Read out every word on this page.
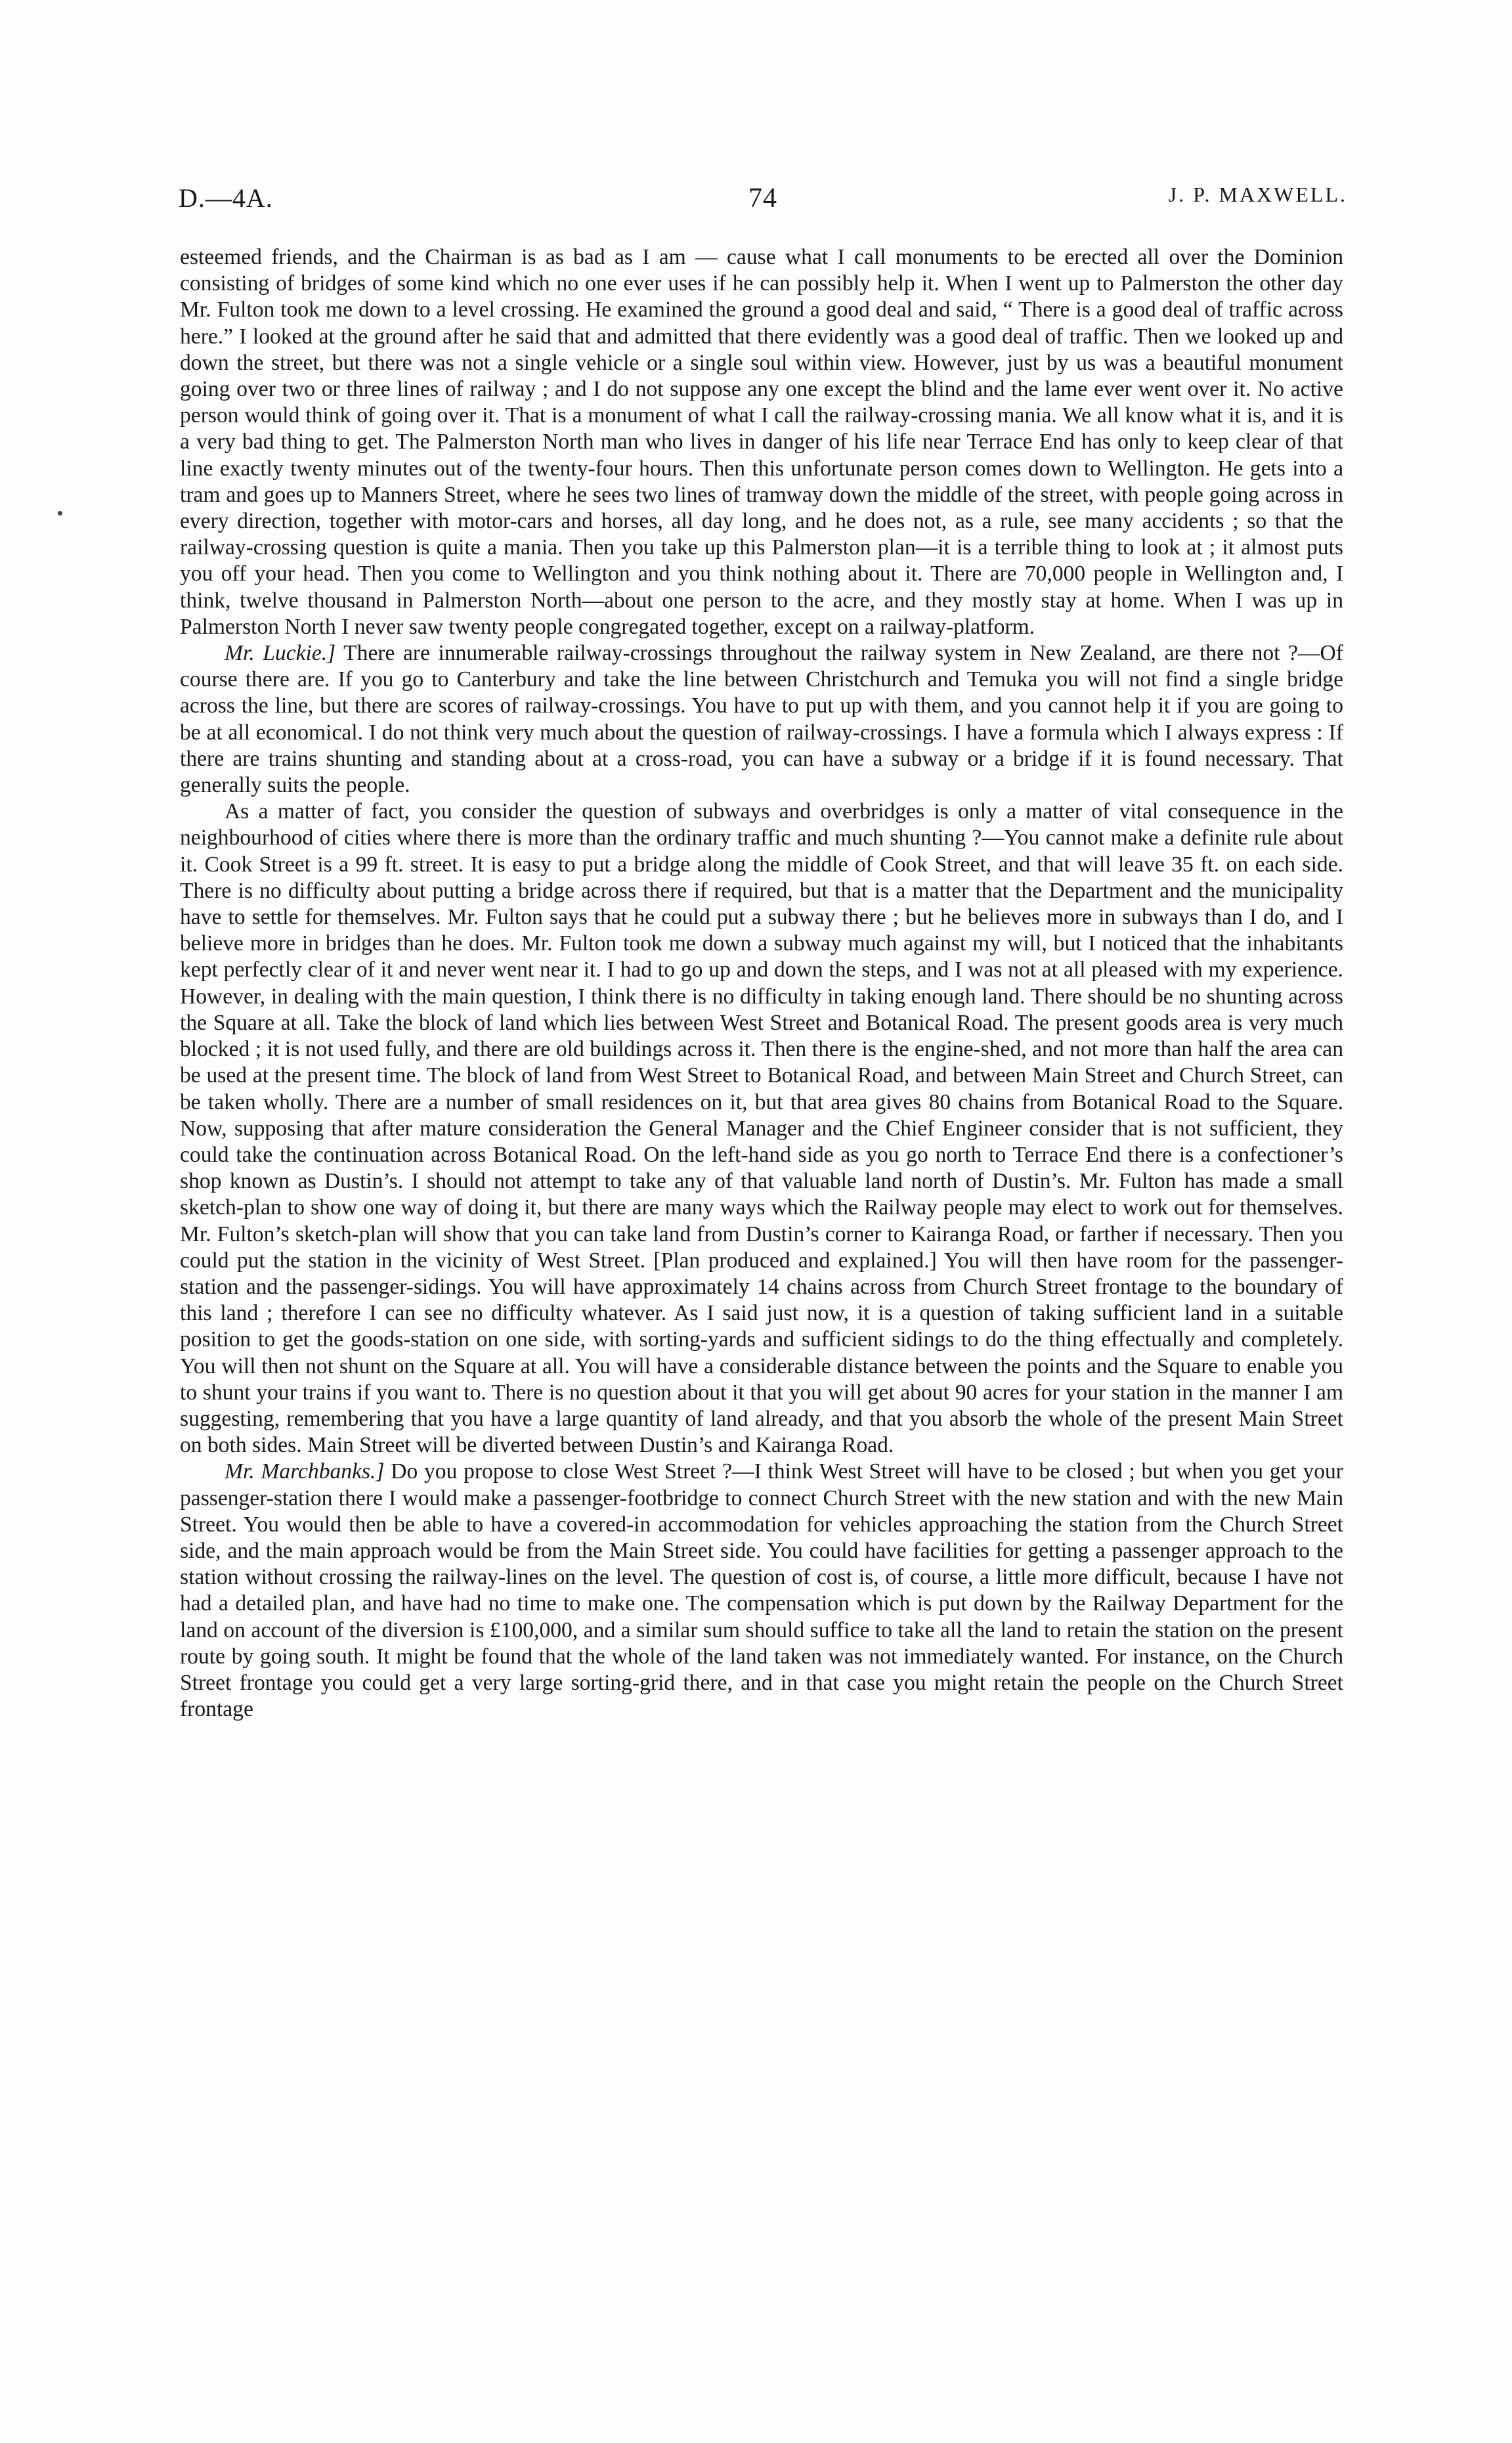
D.—4A.	74	J. P. MAXWELL.

esteemed friends, and the Chairman is as bad as I am — cause what I call monuments to be erected all over the Dominion consisting of bridges of some kind which no one ever uses if he can possibly help it. When I went up to Palmerston the other day Mr. Fulton took me down to a level crossing. He examined the ground a good deal and said, “ There is a good deal of traffic across here.” I looked at the ground after he said that and admitted that there evidently was a good deal of traffic. Then we looked up and down the street, but there was not a single vehicle or a single soul within view. However, just by us was a beautiful monument going over two or three lines of railway ; and I do not suppose any one except the blind and the lame ever went over it. No active person would think of going over it. That is a monument of what I call the railway-crossing mania. We all know what it is, and it is a very bad thing to get. The Palmerston North man who lives in danger of his life near Terrace End has only to keep clear of that line exactly twenty minutes out of the twenty-four hours. Then this unfortunate person comes down to Wellington. He gets into a tram and goes up to Manners Street, where he sees two lines of tramway down the middle of the street, with people going across in every direction, together with motor-cars and horses, all day long, and he does not, as a rule, see many accidents ; so that the railway-crossing question is quite a mania. Then you take up this Palmerston plan—it is a terrible thing to look at ; it almost puts you off your head. Then you come to Wellington and you think nothing about it. There are 70,000 people in Wellington and, I think, twelve thousand in Palmerston North—about one person to the acre, and they mostly stay at home. When I was up in Palmerston North I never saw twenty people congregated together, except on a railway-platform.

Mr. Luckie.] There are innumerable railway-crossings throughout the railway system in New Zealand, are there not ?—Of course there are. If you go to Canterbury and take the line between Christchurch and Temuka you will not find a single bridge across the line, but there are scores of railway-crossings. You have to put up with them, and you cannot help it if you are going to be at all economical. I do not think very much about the question of railway-crossings. I have a formula which I always express : If there are trains shunting and standing about at a cross-road, you can have a subway or a bridge if it is found necessary. That generally suits the people.

As a matter of fact, you consider the question of subways and overbridges is only a matter of vital consequence in the neighbourhood of cities where there is more than the ordinary traffic and much shunting ?—You cannot make a definite rule about it. Cook Street is a 99 ft. street. It is easy to put a bridge along the middle of Cook Street, and that will leave 35 ft. on each side. There is no difficulty about putting a bridge across there if required, but that is a matter that the Department and the municipality have to settle for themselves. Mr. Fulton says that he could put a subway there ; but he believes more in subways than I do, and I believe more in bridges than he does. Mr. Fulton took me down a subway much against my will, but I noticed that the inhabitants kept perfectly clear of it and never went near it. I had to go up and down the steps, and I was not at all pleased with my experience. However, in dealing with the main question, I think there is no difficulty in taking enough land. There should be no shunting across the Square at all. Take the block of land which lies between West Street and Botanical Road. The present goods area is very much blocked ; it is not used fully, and there are old buildings across it. Then there is the engine-shed, and not more than half the area can be used at the present time. The block of land from West Street to Botanical Road, and between Main Street and Church Street, can be taken wholly. There are a number of small residences on it, but that area gives 80 chains from Botanical Road to the Square. Now, supposing that after mature consideration the General Manager and the Chief Engineer consider that is not sufficient, they could take the continuation across Botanical Road. On the left-hand side as you go north to Terrace End there is a confectioner’s shop known as Dustin’s. I should not attempt to take any of that valuable land north of Dustin’s. Mr. Fulton has made a small sketch-plan to show one way of doing it, but there are many ways which the Railway people may elect to work out for themselves. Mr. Fulton’s sketch-plan will show that you can take land from Dustin’s corner to Kairanga Road, or farther if necessary. Then you could put the station in the vicinity of West Street. [Plan produced and explained.] You will then have room for the passenger-station and the passenger-sidings. You will have approximately 14 chains across from Church Street frontage to the boundary of this land ; therefore I can see no difficulty whatever. As I said just now, it is a question of taking sufficient land in a suitable position to get the goods-station on one side, with sorting-yards and sufficient sidings to do the thing effectually and completely. You will then not shunt on the Square at all. You will have a considerable distance between the points and the Square to enable you to shunt your trains if you want to. There is no question about it that you will get about 90 acres for your station in the manner I am suggesting, remembering that you have a large quantity of land already, and that you absorb the whole of the present Main Street on both sides. Main Street will be diverted between Dustin’s and Kairanga Road.

Mr. Marchbanks.] Do you propose to close West Street ?—I think West Street will have to be closed ; but when you get your passenger-station there I would make a passenger-footbridge to connect Church Street with the new station and with the new Main Street. You would then be able to have a covered-in accommodation for vehicles approaching the station from the Church Street side, and the main approach would be from the Main Street side. You could have facilities for getting a passenger approach to the station without crossing the railway-lines on the level. The question of cost is, of course, a little more difficult, because I have not had a detailed plan, and have had no time to make one. The compensation which is put down by the Railway Department for the land on account of the diversion is £100,000, and a similar sum should suffice to take all the land to retain the station on the present route by going south. It might be found that the whole of the land taken was not immediately wanted. For instance, on the Church Street frontage you could get a very large sorting-grid there, and in that case you might retain the people on the Church Street frontage
